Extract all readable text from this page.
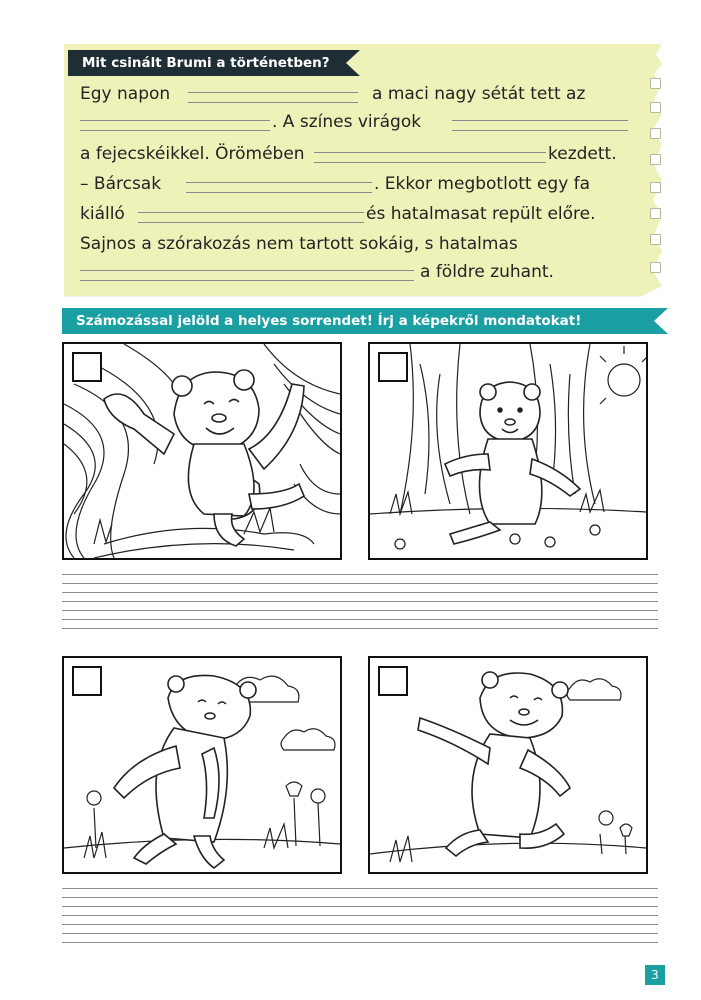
Mit csinált Brumi a történetben?
Egy napon	a maci nagy sétát tett az
. A színes virágok
a fejecskéikkel. Örömében	kezdett.
– Bárcsak	. Ekkor megbotlott egy fa
kiálló	és hatalmasat repült előre.
Sajnos a szórakozás nem tartott sokáig, s hatalmas
a földre zuhant.
Számozással jelöld a helyes sorrendet! Írj a képekről mondatokat!
3
